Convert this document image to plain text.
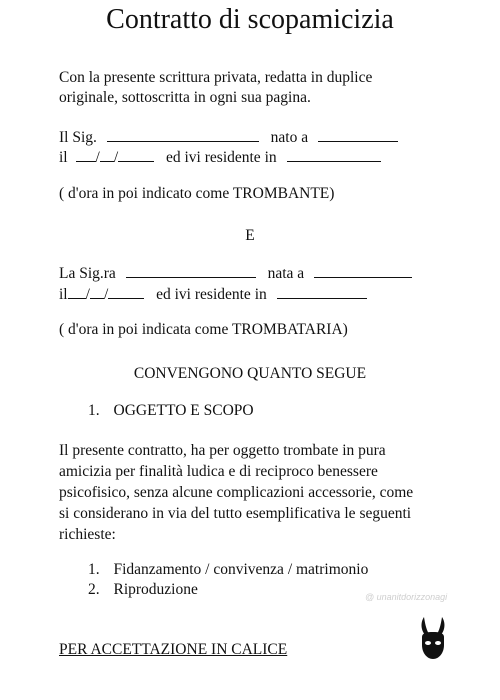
Contratto di scopamicizia
Con la presente scrittura privata, redatta in duplice
originale, sottoscritta in ogni sua pagina.
Il Sig.	nato a
il / /	ed ivi residente in
( d'ora in poi indicato come TROMBANTE)
E
La Sig.ra	nata a
il / /	ed ivi residente in
( d'ora in poi indicata come TROMBATARIA)
CONVENGONO QUANTO SEGUE
1. OGGETTO E SCOPO
Il presente contratto, ha per oggetto trombate in pura
amicizia per finalità ludica e di reciproco benessere
psicofisico, senza alcune complicazioni accessorie, come
si considerano in via del tutto esemplificativa le seguenti
richieste:
1. Fidanzamento / convivenza / matrimonio
2. Riproduzione	@ unanitdorizzonagi
PER ACCETTAZIONE IN CALICE
